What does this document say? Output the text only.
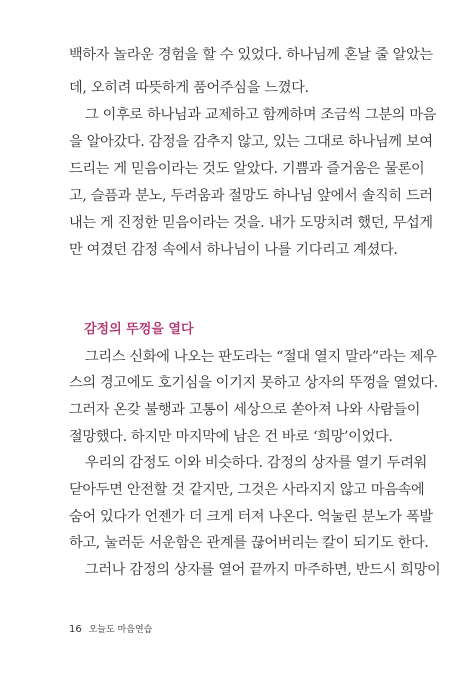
백하자 놀라운 경험을 할 수 있었다. 하나님께 혼날 줄 알았는
데, 오히려 따뜻하게 품어주심을 느꼈다.
그 이후로 하나님과 교제하고 함께하며 조금씩 그분의 마음
을 알아갔다. 감정을 감추지 않고, 있는 그대로 하나님께 보여
드리는 게 믿음이라는 것도 알았다. 기쁨과 즐거움은 물론이
고, 슬픔과 분노, 두려움과 절망도 하나님 앞에서 솔직히 드러
내는 게 진정한 믿음이라는 것을. 내가 도망치려 했던, 무섭게
만 여겼던 감정 속에서 하나님이 나를 기다리고 계셨다.
감정의 뚜껑을 열다
그리스 신화에 나오는 판도라는 “절대 열지 말라”라는 제우
스의 경고에도 호기심을 이기지 못하고 상자의 뚜껑을 열었다.
그러자 온갖 불행과 고통이 세상으로 쏟아져 나와 사람들이
절망했다. 하지만 마지막에 남은 건 바로 ‘희망’이었다.
우리의 감정도 이와 비슷하다. 감정의 상자를 열기 두려워
닫아두면 안전할 것 같지만, 그것은 사라지지 않고 마음속에
숨어 있다가 언젠가 더 크게 터져 나온다. 억눌린 분노가 폭발
하고, 눌러둔 서운함은 관계를 끊어버리는 칼이 되기도 한다.
그러나 감정의 상자를 열어 끝까지 마주하면, 반드시 희망이
16 오늘도 마음연습
